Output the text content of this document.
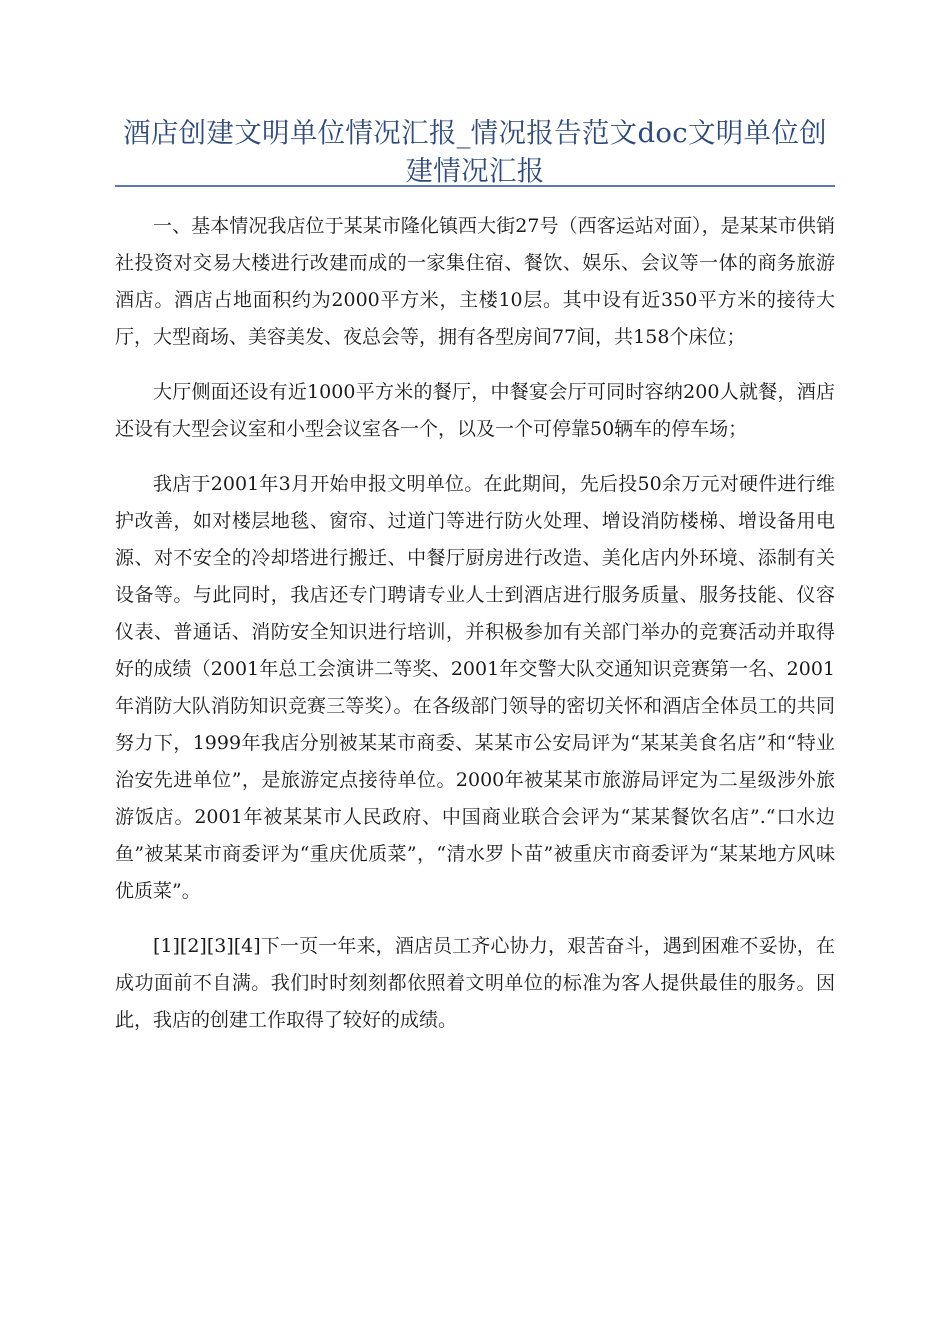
酒店创建文明单位情况汇报_情况报告范文doc文明单位创建情况汇报

一、基本情况我店位于某某市隆化镇西大街27号（西客运站对面），是某某市供销社投资对交易大楼进行改建而成的一家集住宿、餐饮、娱乐、会议等一体的商务旅游酒店。酒店占地面积约为2000平方米，主楼10层。其中设有近350平方米的接待大厅，大型商场、美容美发、夜总会等，拥有各型房间77间，共158个床位；

大厅侧面还设有近1000平方米的餐厅，中餐宴会厅可同时容纳200人就餐，酒店还设有大型会议室和小型会议室各一个，以及一个可停靠50辆车的停车场；

我店于2001年3月开始申报文明单位。在此期间，先后投50余万元对硬件进行维护改善，如对楼层地毯、窗帘、过道门等进行防火处理、增设消防楼梯、增设备用电源、对不安全的冷却塔进行搬迁、中餐厅厨房进行改造、美化店内外环境、添制有关设备等。与此同时，我店还专门聘请专业人士到酒店进行服务质量、服务技能、仪容仪表、普通话、消防安全知识进行培训，并积极参加有关部门举办的竞赛活动并取得好的成绩（2001年总工会演讲二等奖、2001年交警大队交通知识竞赛第一名、2001年消防大队消防知识竞赛三等奖）。在各级部门领导的密切关怀和酒店全体员工的共同努力下，1999年我店分别被某某市商委、某某市公安局评为“某某美食名店”和“特业治安先进单位”，是旅游定点接待单位。2000年被某某市旅游局评定为二星级涉外旅游饭店。2001年被某某市人民政府、中国商业联合会评为“某某餐饮名店”.“口水边鱼”被某某市商委评为“重庆优质菜”，“清水罗卜苗”被重庆市商委评为“某某地方风味优质菜”。

[1][2][3][4]下一页一年来，酒店员工齐心协力，艰苦奋斗，遇到困难不妥协，在成功面前不自满。我们时时刻刻都依照着文明单位的标准为客人提供最佳的服务。因此，我店的创建工作取得了较好的成绩。
